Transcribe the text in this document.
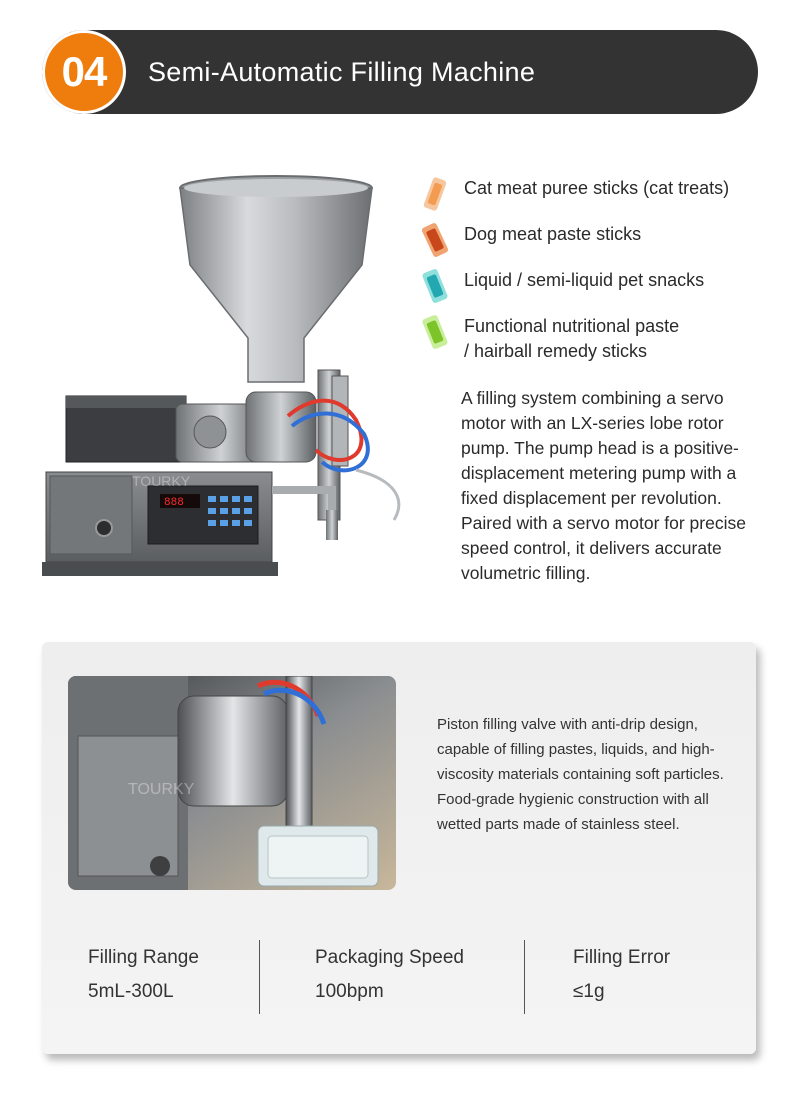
04 Semi-Automatic Filling Machine
888
TOURKY
Cat meat puree sticks (cat treats)
Dog meat paste sticks
Liquid / semi-liquid pet snacks
Functional nutritional paste
/ hairball remedy sticks
A filling system combining a servo motor with an LX-series lobe rotor pump. The pump head is a positive-displacement metering pump with a fixed displacement per revolution. Paired with a servo motor for precise speed control, it delivers accurate volumetric filling.
TOURKY
Piston filling valve with anti-drip design, capable of filling pastes, liquids, and high-viscosity materials containing soft particles. Food-grade hygienic construction with all wetted parts made of stainless steel.
Filling Range
5mL-300L
Packaging Speed
100bpm
Filling Error
≤1g
